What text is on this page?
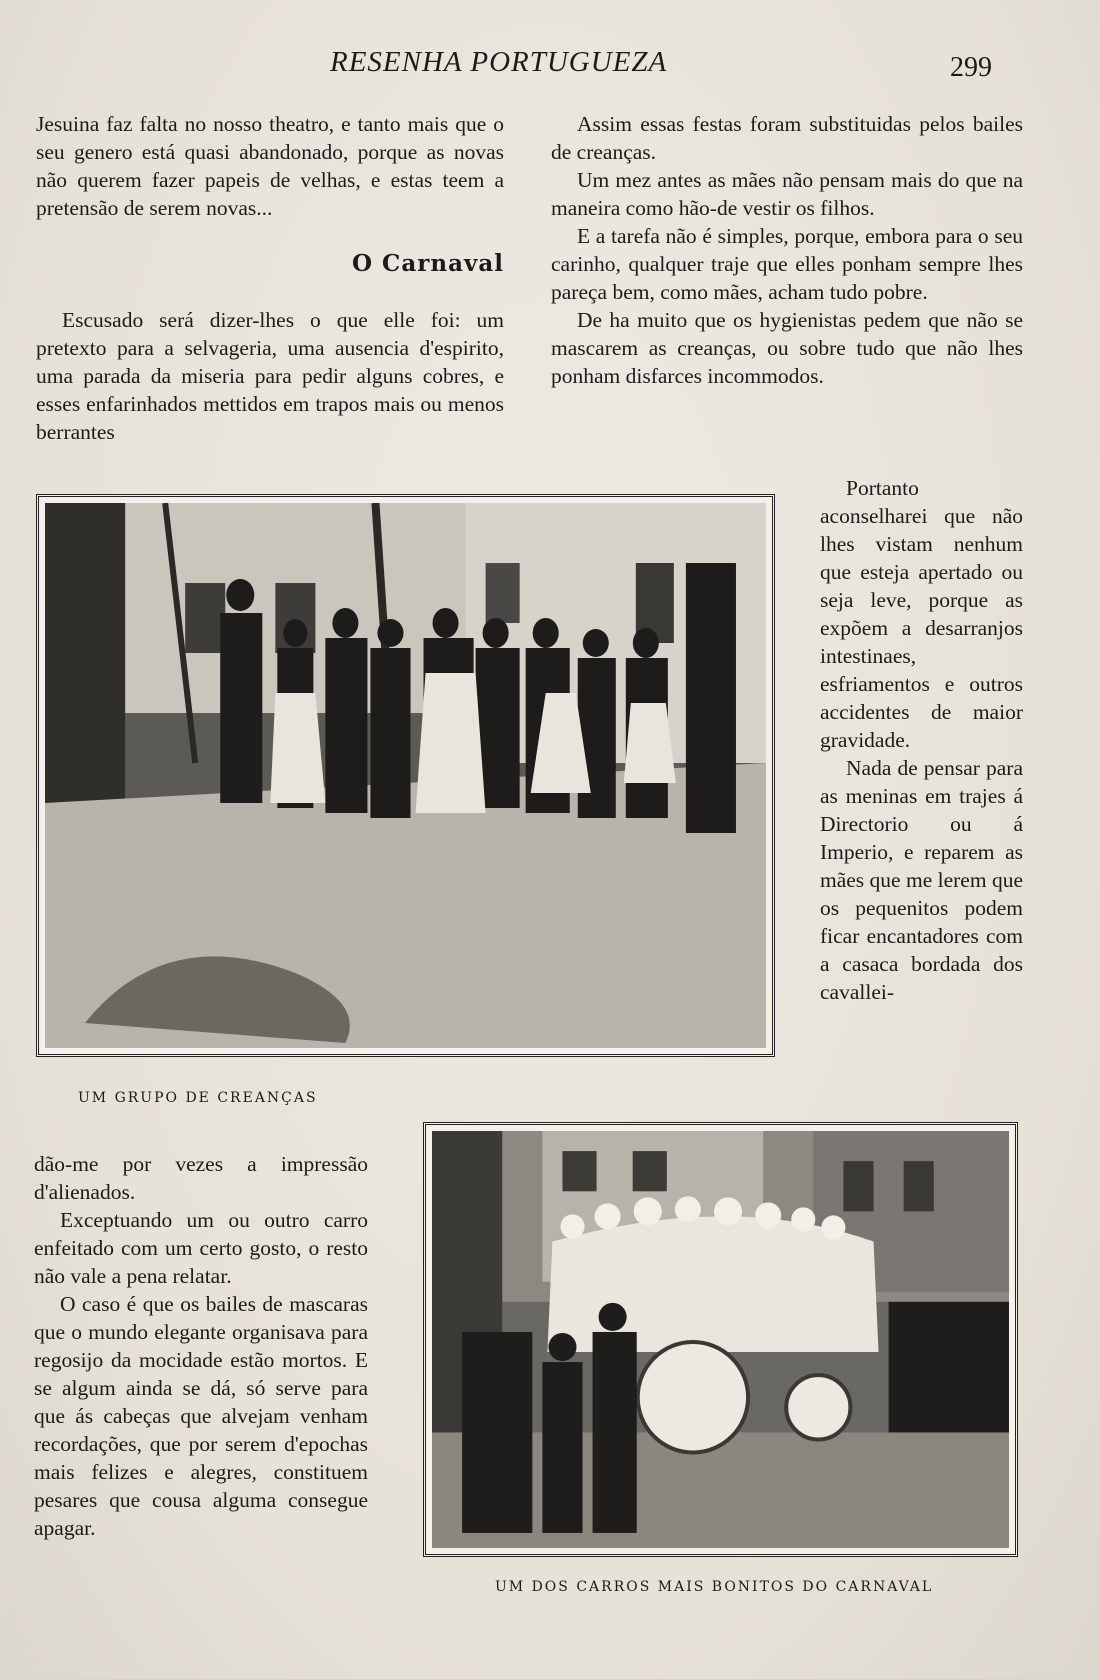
RESENHA PORTUGUEZA	299

Jesuina faz falta no nosso theatro, e tanto mais que o seu genero está quasi abandonado, porque as novas não querem fazer papeis de velhas, e estas teem a pretensão de serem novas...

O Carnaval

Escusado será dizer-lhes o que elle foi: um pretexto para a selvageria, uma ausencia d'espirito, uma parada da miseria para pedir alguns cobres, e esses enfarinhados mettidos em trapos mais ou menos berrantes

Assim essas festas foram substituidas pelos bailes de creanças.

Um mez antes as mães não pensam mais do que na maneira como hão-de vestir os filhos.

E a tarefa não é simples, porque, embora para o seu carinho, qualquer traje que elles ponham sempre lhes pareça bem, como mães, acham tudo pobre.

De ha muito que os hygienistas pedem que não se mascarem as creanças, ou sobre tudo que não lhes ponham disfarces incommodos.

Portanto aconselharei que não lhes vistam nenhum que esteja apertado ou seja leve, porque as expõem a desarranjos intestinaes, esfriamentos e outros accidentes de maior gravidade.

Nada de pensar para as meninas em trajes á Directorio ou á Imperio, e reparem as mães que me lerem que os pequenitos podem ficar encantadores com a casaca bordada dos cavallei-

UM GRUPO DE CREANÇAS

dão-me por vezes a impressão d'alienados.

Exceptuando um ou outro carro enfeitado com um certo gosto, o resto não vale a pena relatar.

O caso é que os bailes de mascaras que o mundo elegante organisava para regosijo da mocidade estão mortos. E se algum ainda se dá, só serve para que ás cabeças que alvejam venham recordações, que por serem d'epochas mais felizes e alegres, constituem pesares que cousa alguma consegue apagar.

UM DOS CARROS MAIS BONITOS DO CARNAVAL
